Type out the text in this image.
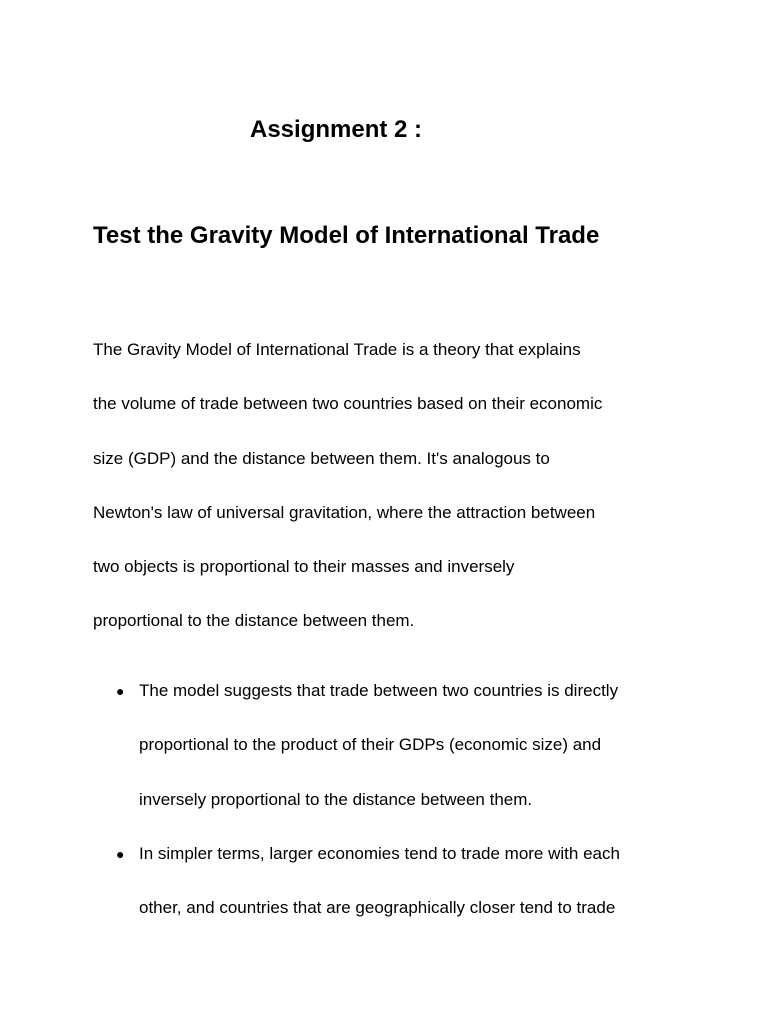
Assignment 2 :
Test the Gravity Model of International Trade
The Gravity Model of International Trade is a theory that explains
the volume of trade between two countries based on their economic
size (GDP) and the distance between them. It's analogous to
Newton's law of universal gravitation, where the attraction between
two objects is proportional to their masses and inversely
proportional to the distance between them.
● The model suggests that trade between two countries is directly
proportional to the product of their GDPs (economic size) and
inversely proportional to the distance between them.
● In simpler terms, larger economies tend to trade more with each
other, and countries that are geographically closer tend to trade
